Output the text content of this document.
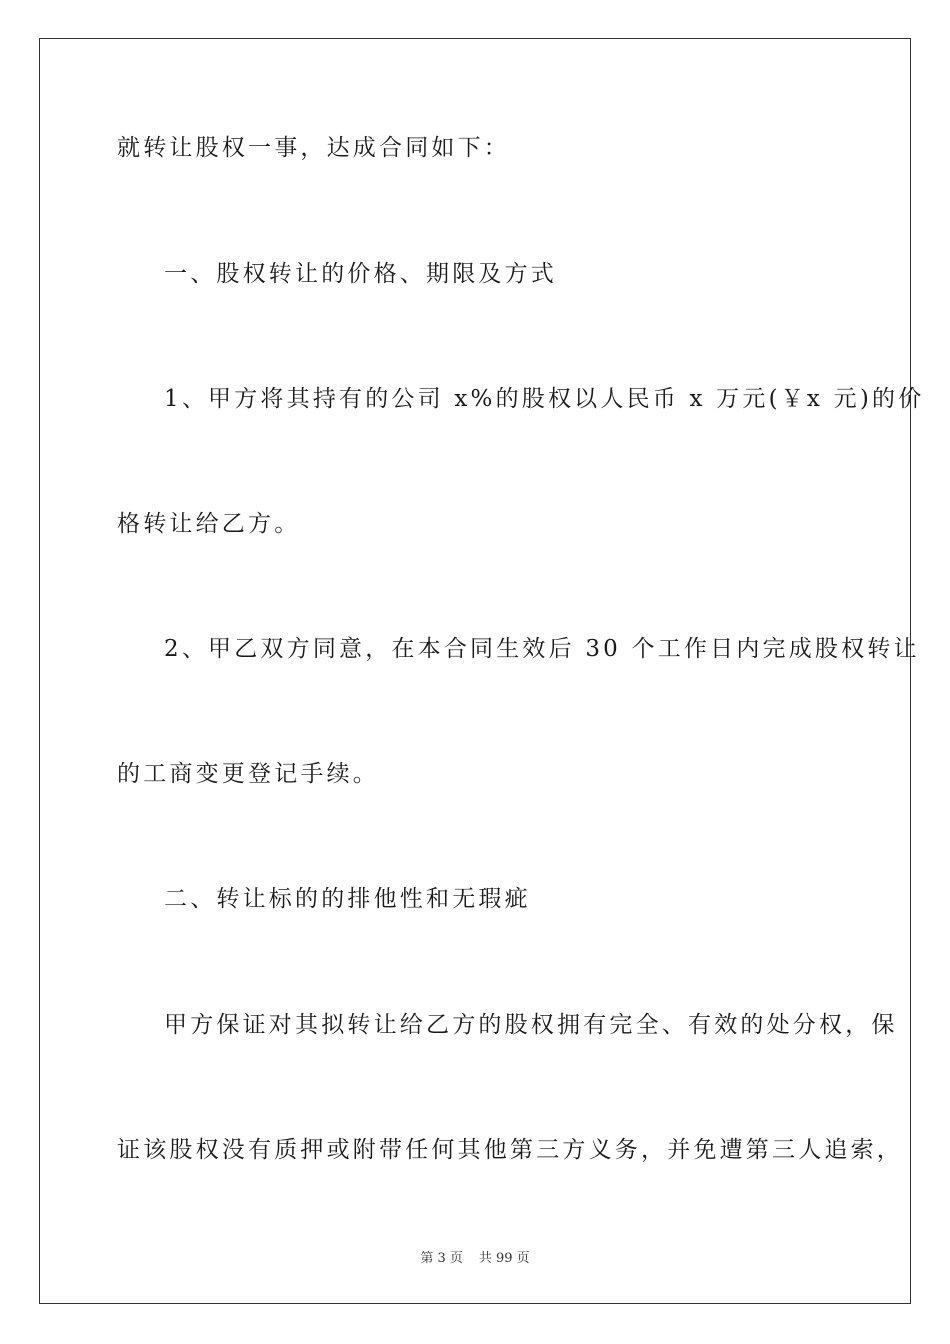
就转让股权一事，达成合同如下：
一、股权转让的价格、期限及方式
1、甲方将其持有的公司 x%的股权以人民币 x 万元(￥x 元)的价
格转让给乙方。
2、甲乙双方同意，在本合同生效后 30 个工作日内完成股权转让
的工商变更登记手续。
二、转让标的的排他性和无瑕疵
甲方保证对其拟转让给乙方的股权拥有完全、有效的处分权，保
证该股权没有质押或附带任何其他第三方义务，并免遭第三人追索，
第 3 页 共 99 页
